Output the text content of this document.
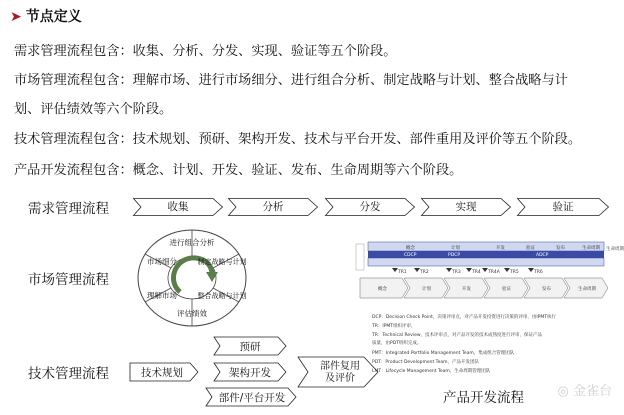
➤ 节点定义
需求管理流程包含：收集、分析、分发、实现、验证等五个阶段。
市场管理流程包含：理解市场、进行市场细分、进行组合分析、制定战略与计划、整合战略与计
划、评估绩效等六个阶段。
技术管理流程包含：技术规划、预研、架构开发、技术与平台开发、部件重用及评价等五个阶段。
产品开发流程包含：概念、计划、开发、验证、发布、生命周期等六个阶段。
需求管理流程	收集	分析	分发	实现	验证
市场管理流程
进行组合分析
制定战略与计划
整合战略与计划
评估绩效
理解市场
市场细分
技术管理流程	技术规划
预研
架构开发
部件/平台开发
部件复用
及评价
概念	计划	开发	验证	发布	生命周期
CDCP	PDCP	ADCP
生命周期
TR1	TR2	TR3	TR4 TR4A TR5	TR6
概念	计划	开发	验证	发布	生命周期
DCP：Decision Check Point，决策评审点，对产品开发投资进行决策的评审，由IPMT执行
TR：IPMT组织评审，
TR：Technical Review，技术评审点，对产品开发的技术成熟度进行评审，保证产品
质量，由PDT组织完成。
PMT：Integrated Portfolio Management Team，集成组合管理团队
PDT：Product Development Team，产品开发团队
LMT：Lifecycle Management Team，生命周期管理团队
产品开发流程	◎ 金雀台
